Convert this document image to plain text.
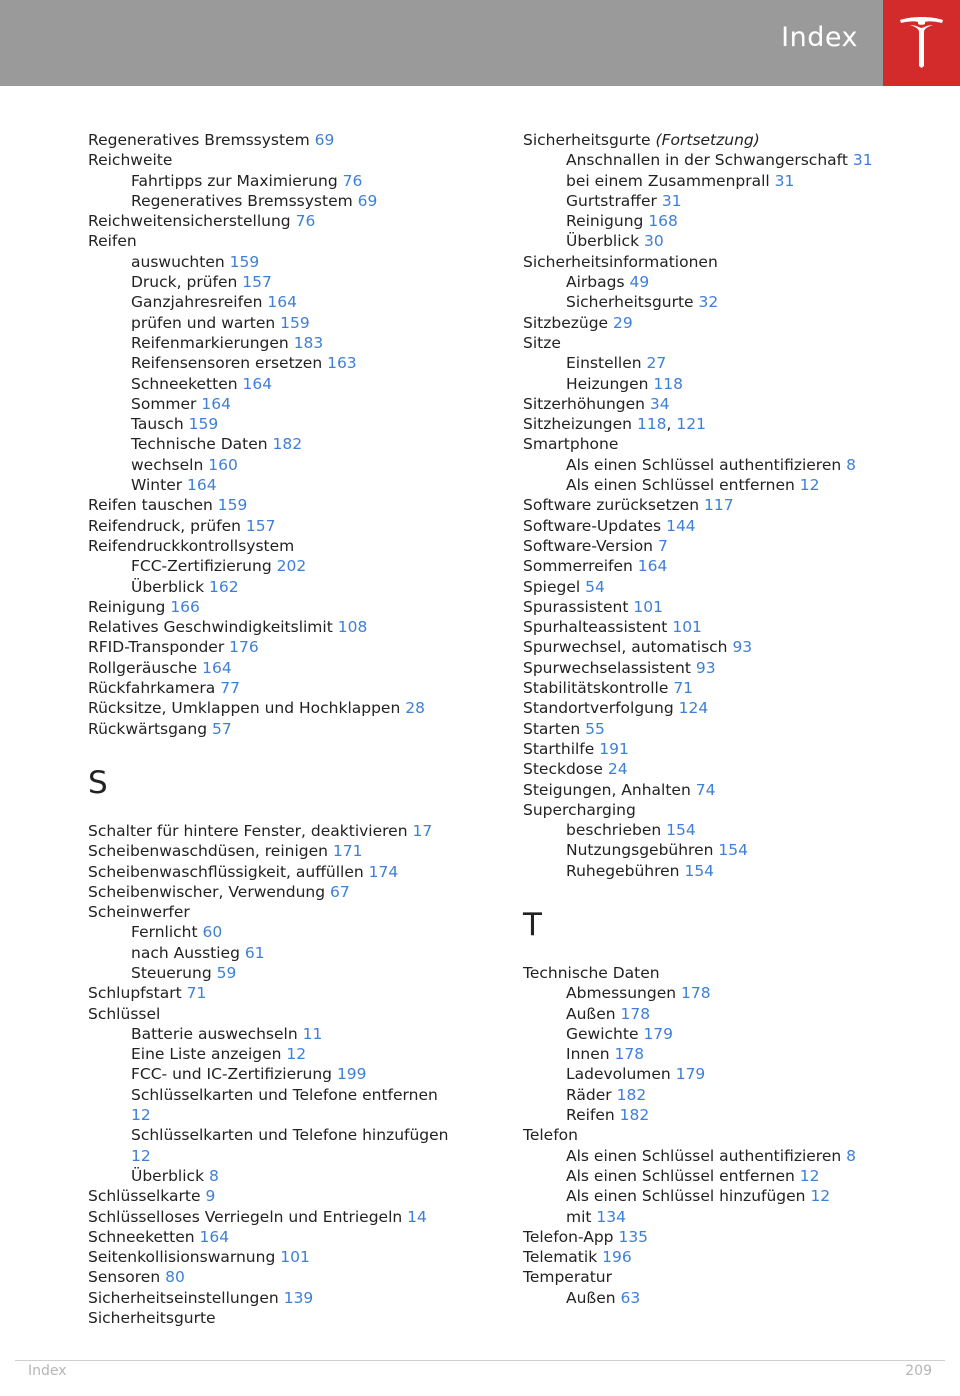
Index
Regeneratives Bremssystem 69
Reichweite
Fahrtipps zur Maximierung 76
Regeneratives Bremssystem 69
Reichweitensicherstellung 76
Reifen
auswuchten 159
Druck, prüfen 157
Ganzjahresreifen 164
prüfen und warten 159
Reifenmarkierungen 183
Reifensensoren ersetzen 163
Schneeketten 164
Sommer 164
Tausch 159
Technische Daten 182
wechseln 160
Winter 164
Reifen tauschen 159
Reifendruck, prüfen 157
Reifendruckkontrollsystem
FCC-Zertifizierung 202
Überblick 162
Reinigung 166
Relatives Geschwindigkeitslimit 108
RFID-Transponder 176
Rollgeräusche 164
Rückfahrkamera 77
Rücksitze, Umklappen und Hochklappen 28
Rückwärtsgang 57
S
Schalter für hintere Fenster, deaktivieren 17
Scheibenwaschdüsen, reinigen 171
Scheibenwaschflüssigkeit, auffüllen 174
Scheibenwischer, Verwendung 67
Scheinwerfer
Fernlicht 60
nach Ausstieg 61
Steuerung 59
Schlupfstart 71
Schlüssel
Batterie auswechseln 11
Eine Liste anzeigen 12
FCC- und IC-Zertifizierung 199
Schlüsselkarten und Telefone entfernen
12
Schlüsselkarten und Telefone hinzufügen
12
Überblick 8
Schlüsselkarte 9
Schlüsselloses Verriegeln und Entriegeln 14
Schneeketten 164
Seitenkollisionswarnung 101
Sensoren 80
Sicherheitseinstellungen 139
Sicherheitsgurte
Sicherheitsgurte (Fortsetzung)
Anschnallen in der Schwangerschaft 31
bei einem Zusammenprall 31
Gurtstraffer 31
Reinigung 168
Überblick 30
Sicherheitsinformationen
Airbags 49
Sicherheitsgurte 32
Sitzbezüge 29
Sitze
Einstellen 27
Heizungen 118
Sitzerhöhungen 34
Sitzheizungen 118, 121
Smartphone
Als einen Schlüssel authentifizieren 8
Als einen Schlüssel entfernen 12
Software zurücksetzen 117
Software-Updates 144
Software-Version 7
Sommerreifen 164
Spiegel 54
Spurassistent 101
Spurhalteassistent 101
Spurwechsel, automatisch 93
Spurwechselassistent 93
Stabilitätskontrolle 71
Standortverfolgung 124
Starten 55
Starthilfe 191
Steckdose 24
Steigungen, Anhalten 74
Supercharging
beschrieben 154
Nutzungsgebühren 154
Ruhegebühren 154
T
Technische Daten
Abmessungen 178
Außen 178
Gewichte 179
Innen 178
Ladevolumen 179
Räder 182
Reifen 182
Telefon
Als einen Schlüssel authentifizieren 8
Als einen Schlüssel entfernen 12
Als einen Schlüssel hinzufügen 12
mit 134
Telefon-App 135
Telematik 196
Temperatur
Außen 63
Index	209
